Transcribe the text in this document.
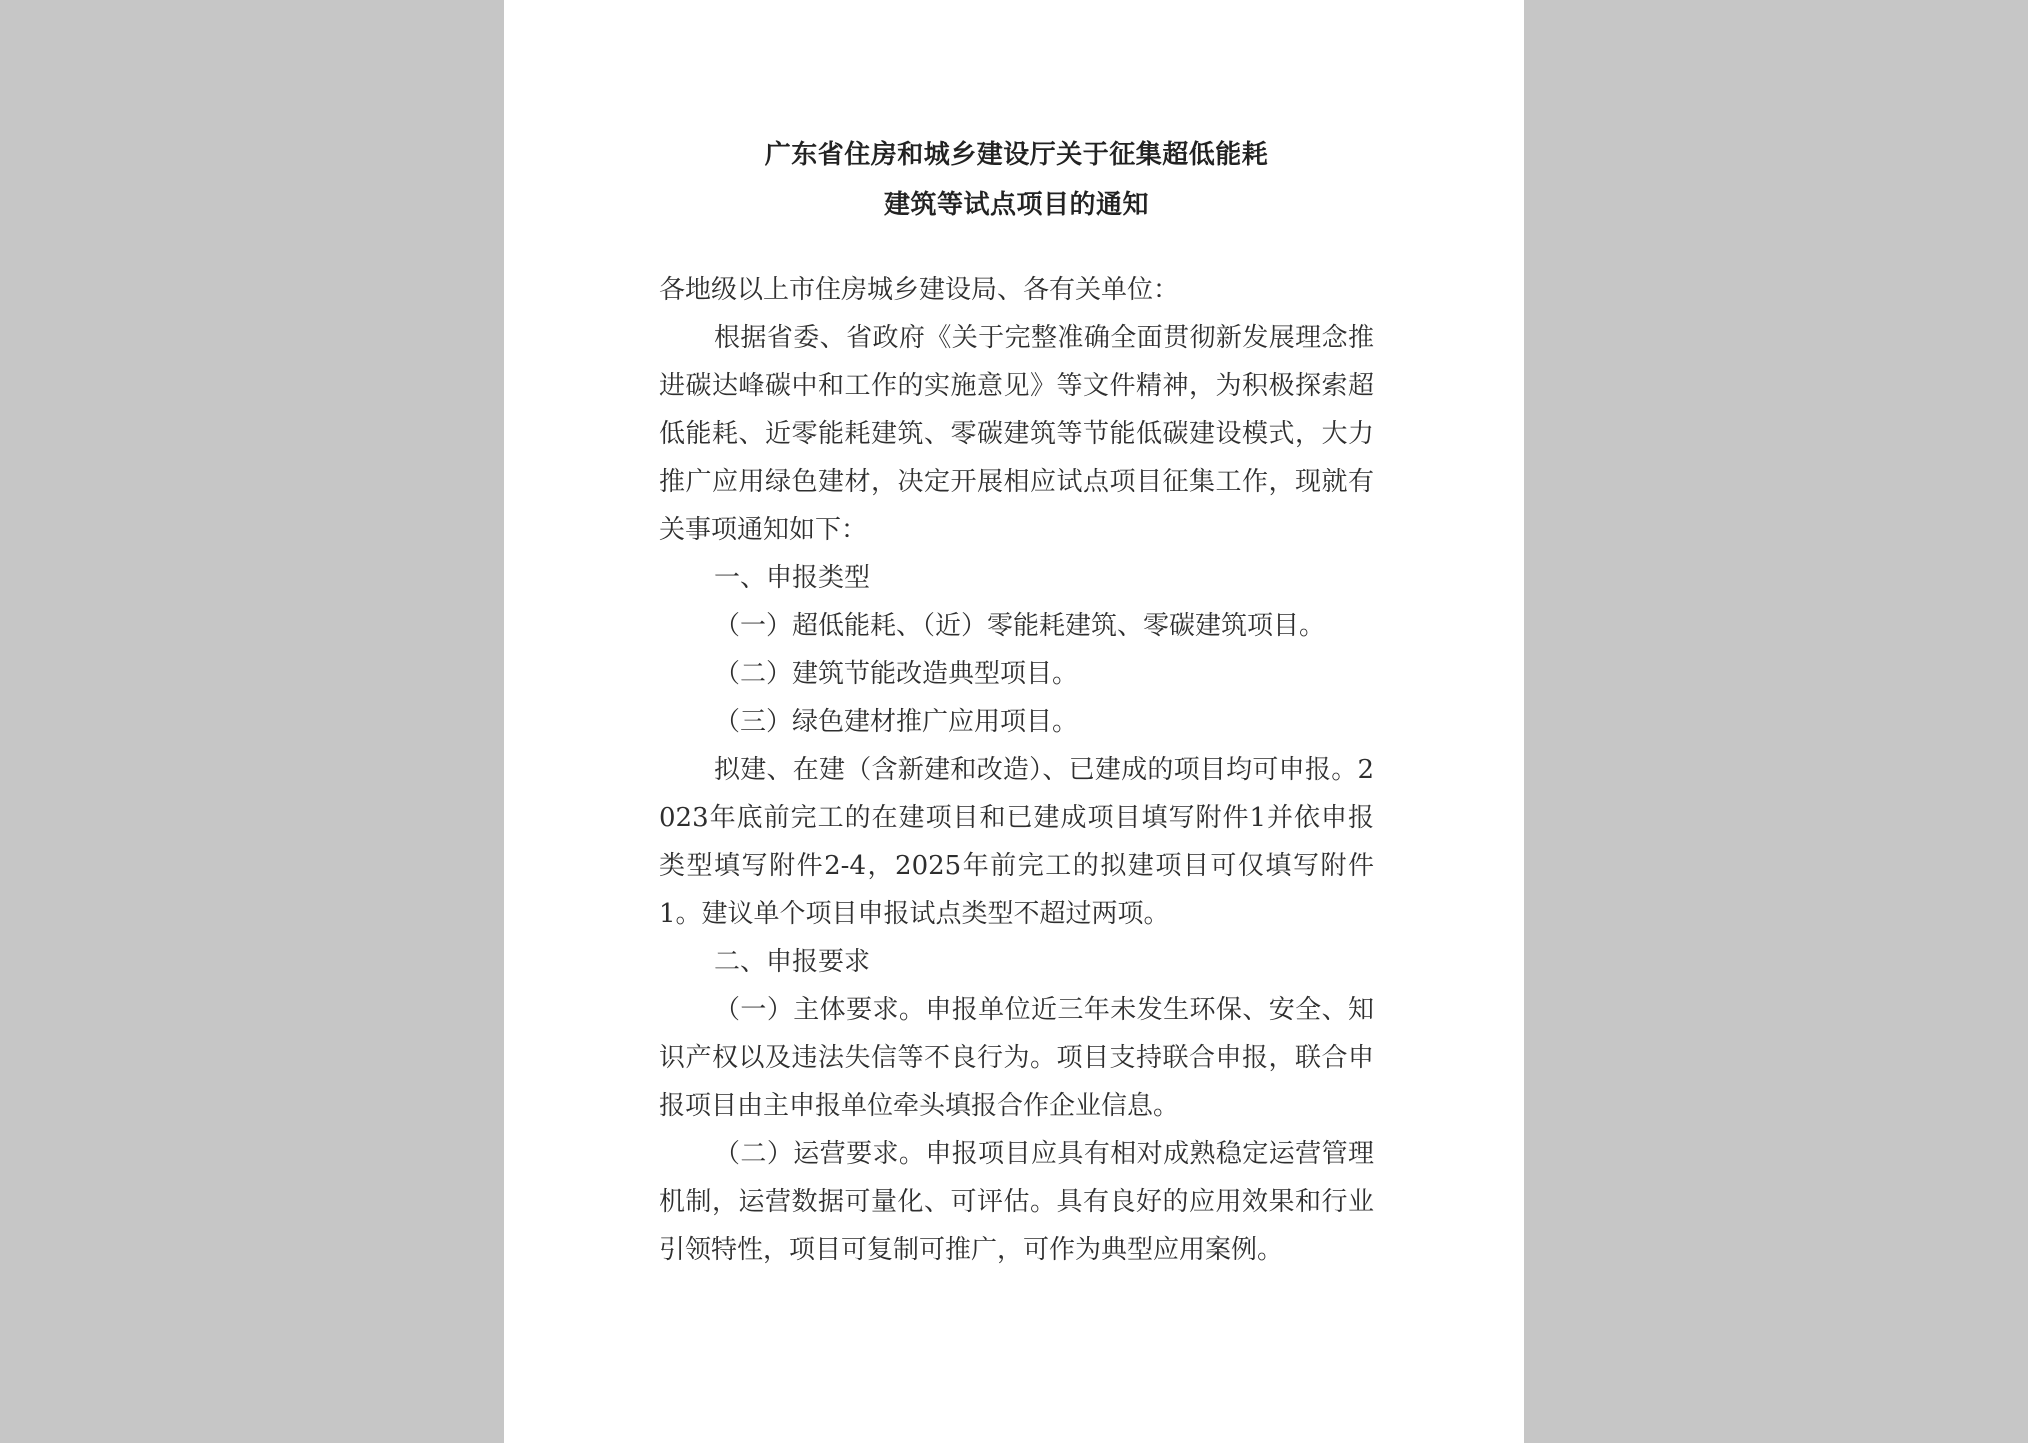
广东省住房和城乡建设厅关于征集超低能耗
建筑等试点项目的通知

各地级以上市住房城乡建设局、各有关单位：

根据省委、省政府《关于完整准确全面贯彻新发展理念推进碳达峰碳中和工作的实施意见》等文件精神，为积极探索超低能耗、近零能耗建筑、零碳建筑等节能低碳建设模式，大力推广应用绿色建材，决定开展相应试点项目征集工作，现就有关事项通知如下：

一、申报类型

（一）超低能耗、（近）零能耗建筑、零碳建筑项目。

（二）建筑节能改造典型项目。

（三）绿色建材推广应用项目。

拟建、在建（含新建和改造）、已建成的项目均可申报。2023年底前完工的在建项目和已建成项目填写附件1并依申报类型填写附件2-4，2025年前完工的拟建项目可仅填写附件1。建议单个项目申报试点类型不超过两项。

二、申报要求

（一）主体要求。申报单位近三年未发生环保、安全、知识产权以及违法失信等不良行为。项目支持联合申报，联合申报项目由主申报单位牵头填报合作企业信息。

（二）运营要求。申报项目应具有相对成熟稳定运营管理机制，运营数据可量化、可评估。具有良好的应用效果和行业引领特性，项目可复制可推广，可作为典型应用案例。
